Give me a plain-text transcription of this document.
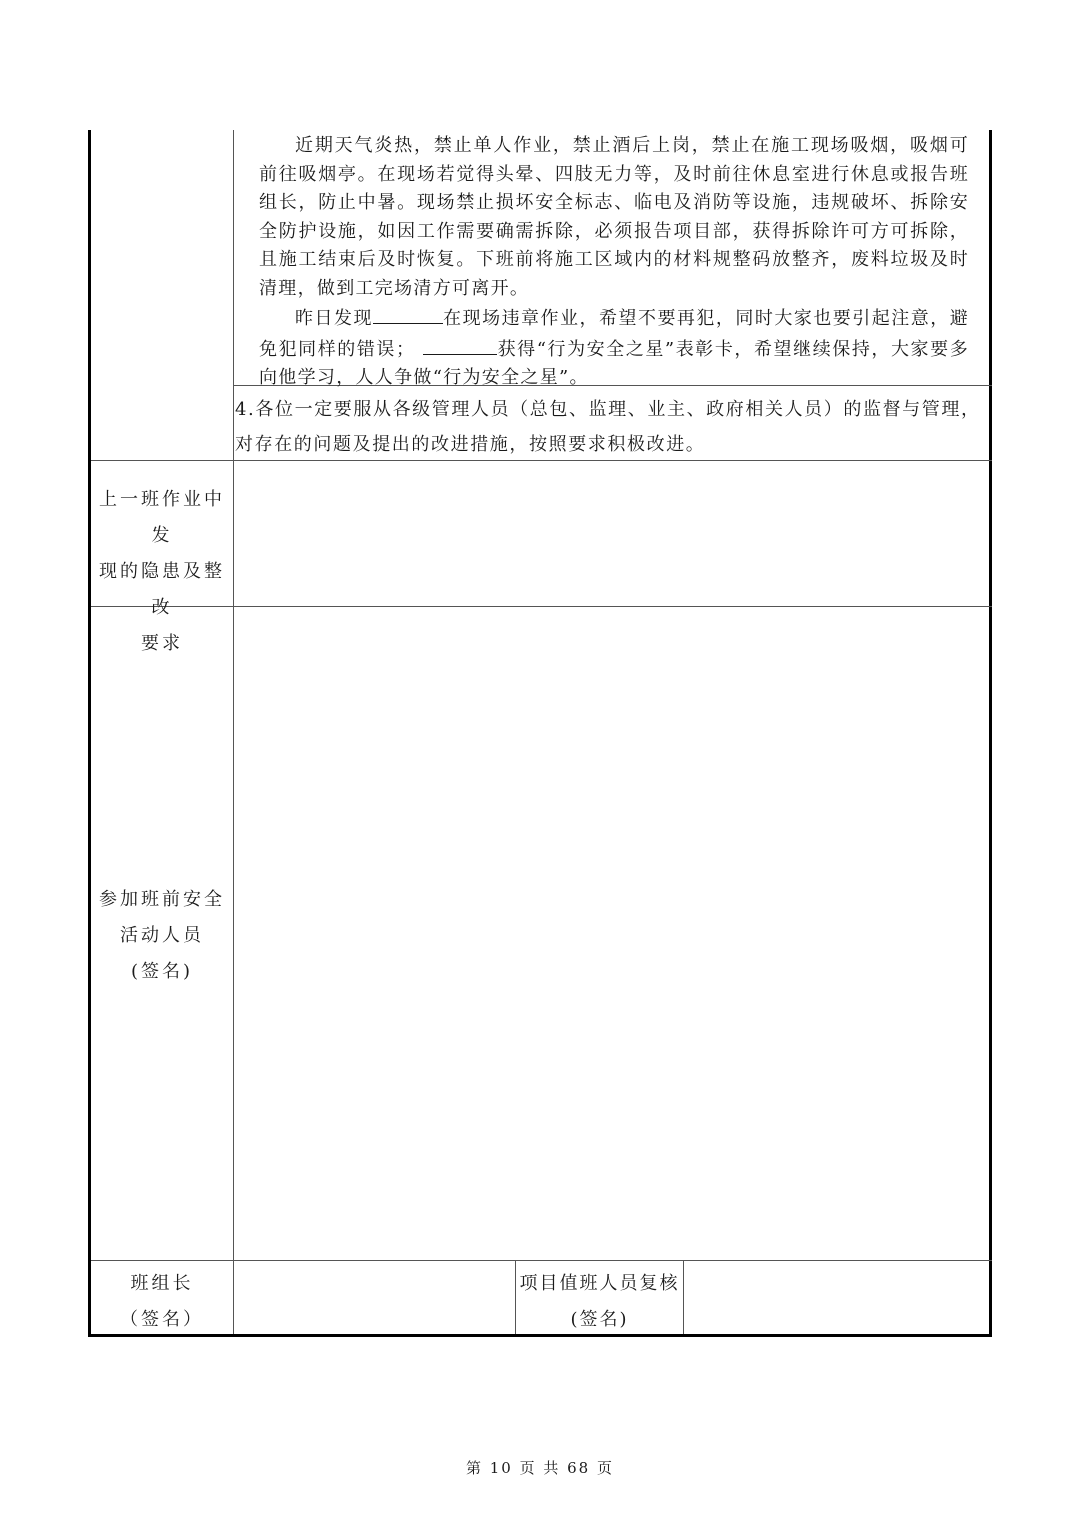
近期天气炎热，禁止单人作业，禁止酒后上岗，禁止在施工现场吸烟，吸烟可前往吸烟亭。在现场若觉得头晕、四肢无力等，及时前往休息室进行休息或报告班组长，防止中暑。现场禁止损坏安全标志、临电及消防等设施，违规破坏、拆除安全防护设施，如因工作需要确需拆除，必须报告项目部，获得拆除许可方可拆除，且施工结束后及时恢复。下班前将施工区域内的材料规整码放整齐，废料垃圾及时清理，做到工完场清方可离开。

昨日发现	在现场违章作业，希望不要再犯，同时大家也要引起注意，避免犯同样的错误；	获得“行为安全之星”表彰卡，希望继续保持，大家要多向他学习，人人争做“行为安全之星”。

4.各位一定要服从各级管理人员（总包、监理、业主、政府相关人员）的监督与管理，
对存在的问题及提出的改进措施，按照要求积极改进。
上一班作业中发
现的隐患及整改
要求
参加班前安全
活动人员
(签名)
班组长
（签名）
项目值班人员复核
(签名)
第 10 页 共 68 页
